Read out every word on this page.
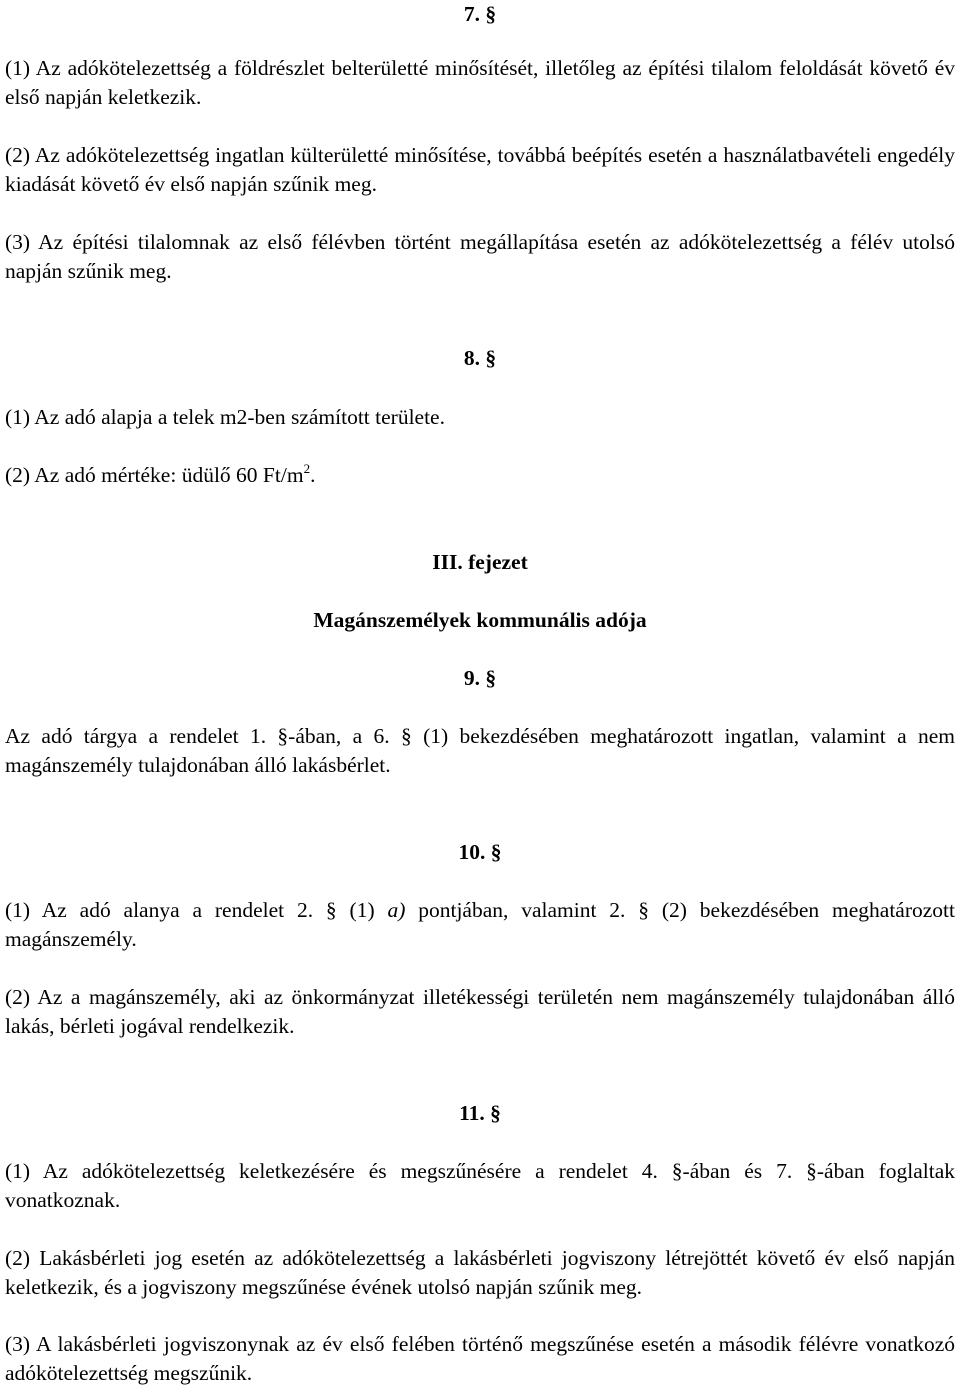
7. §
(1) Az adókötelezettség a földrészlet belterületté minősítését, illetőleg az építési tilalom feloldását követő év első napján keletkezik.
(2) Az adókötelezettség ingatlan külterületté minősítése, továbbá beépítés esetén a használatbavételi engedély kiadását követő év első napján szűnik meg.
(3) Az építési tilalomnak az első félévben történt megállapítása esetén az adókötelezettség a félév utolsó napján szűnik meg.
8. §
(1) Az adó alapja a telek m2-ben számított területe.
(2) Az adó mértéke: üdülő 60 $Ft/m^2$.
III. fejezet
Magánszemélyek kommunális adója
9. §
Az adó tárgya a rendelet 1. §-ában, a 6. § (1) bekezdésében meghatározott ingatlan, valamint a nem magánszemély tulajdonában álló lakásbérlet.
10. §
(1) Az adó alanya a rendelet 2. § (1) a) pontjában, valamint 2. § (2) bekezdésében meghatározott magánszemély.
(2) Az a magánszemély, aki az önkormányzat illetékességi területén nem magánszemély tulajdonában álló lakás, bérleti jogával rendelkezik.
11. §
(1) Az adókötelezettség keletkezésére és megszűnésére a rendelet 4. §-ában és 7. §-ában foglaltak vonatkoznak.
(2) Lakásbérleti jog esetén az adókötelezettség a lakásbérleti jogviszony létrejöttét követő év első napján keletkezik, és a jogviszony megszűnése évének utolsó napján szűnik meg.
(3) A lakásbérleti jogviszonynak az év első felében történő megszűnése esetén a második félévre vonatkozó adókötelezettség megszűnik.
